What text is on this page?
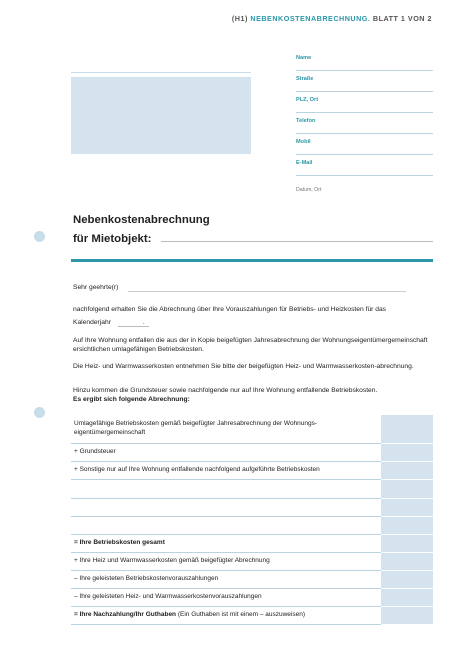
(H1) NEBENKOSTENABRECHNUNG. BLATT 1 VON 2
Name
Straße
PLZ, Ort
Telefon
Mobil
E-Mail
Datum, Ort
Nebenkostenabrechnung
für Mietobjekt:
Sehr geehrte(r)
nachfolgend erhalten Sie die Abrechnung über Ihre Vorauszahlungen für Betriebs- und Heizkosten für das
Kalenderjahr	.
Auf Ihre Wohnung entfallen die aus der in Kopie beigefügten Jahresabrechnung der Wohnungseigentümergemeinschaft ersichtlichen umlagefähigen Betriebskosten.
Die Heiz- und Warmwasserkosten entnehmen Sie bitte der beigefügten Heiz- und Warmwasserkosten-abrechnung.
Hinzu kommen die Grundsteuer sowie nachfolgende nur auf Ihre Wohnung entfallende Betriebskosten.
Es ergibt sich folgende Abrechnung:
Umlagefähige Betriebskosten gemäß beigefügter Jahresabrechnung der Wohnungs-eigentümergemeinschaft	
+ Grundsteuer	
+ Sonstige nur auf Ihre Wohnung entfallende nachfolgend aufgeführte Betriebskosten	

= Ihre Betriebskosten gesamt	
+ Ihre Heiz und Warmwasserkosten gemäß beigefügter Abrechnung	
– Ihre geleisteten Betriebskostenvorauszahlungen	
– Ihre geleisteten Heiz- und Warmwasserkostenvorauszahlungen	
= Ihre Nachzahlung/Ihr Guthaben (Ein Guthaben ist mit einem – auszuweisen)	
